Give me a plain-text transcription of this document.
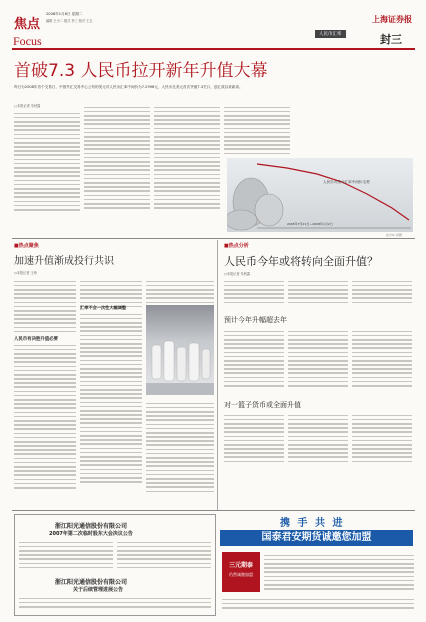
焦点
2008年1月8日 星期二
编辑 王小二 版式 李三 校对 王五
Focus	人民币汇率
上海证券报
封三
首破7.3 人民币拉开新年升值大幕
昨日为2008年首个交易日，中国外汇交易中心公布的美元对人民币汇率中间价为7.2996元，人民币兑美元首次突破7.3关口，创汇改以来新高。
□本报记者 朱秋露
人民币对美元汇率中间价走势
2005年7月21日—2008年1月2日
东方IC 供图
■热点聚焦
加速升值渐成投行共识
○本报记者 王炜
人民币有决胜升值必要
汇率不会一次性大幅调整
■热点分析
人民币今年或将转向全面升值？
○本报记者 朱秋露
预计今年升幅超去年
对一篮子货币或全面升值
浙江阳光通信股份有限公司
2007年第二次临时股东大会决议公告
浙江阳光通信股份有限公司
关于后续管理进展公告
携 手 共 进
国泰君安期货诚邀您加盟
三元期泰
仍然诚邀加盟
